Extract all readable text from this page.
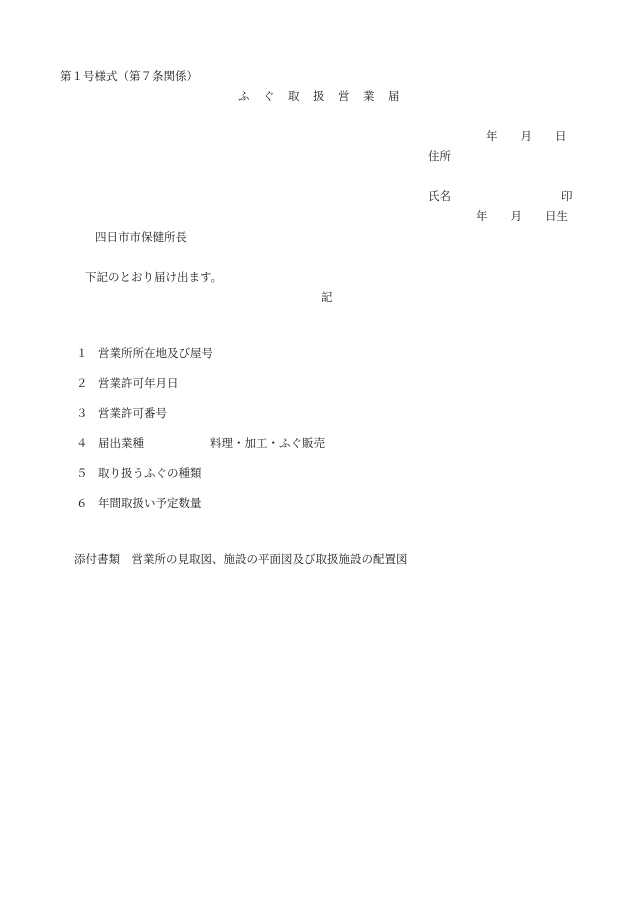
第１号様式（第７条関係）
ふ　ぐ　取　扱　営　業　届
年　　月　　日
住所
氏名	印
年　　月　　日生
四日市市保健所長
下記のとおり届け出ます。
記
１ 営業所所在地及び屋号
２ 営業許可年月日
３ 営業許可番号
４ 届出業種	料理・加工・ふぐ販売
５ 取り扱うふぐの種類
６ 年間取扱い予定数量
添付書類　営業所の見取図、施設の平面図及び取扱施設の配置図
